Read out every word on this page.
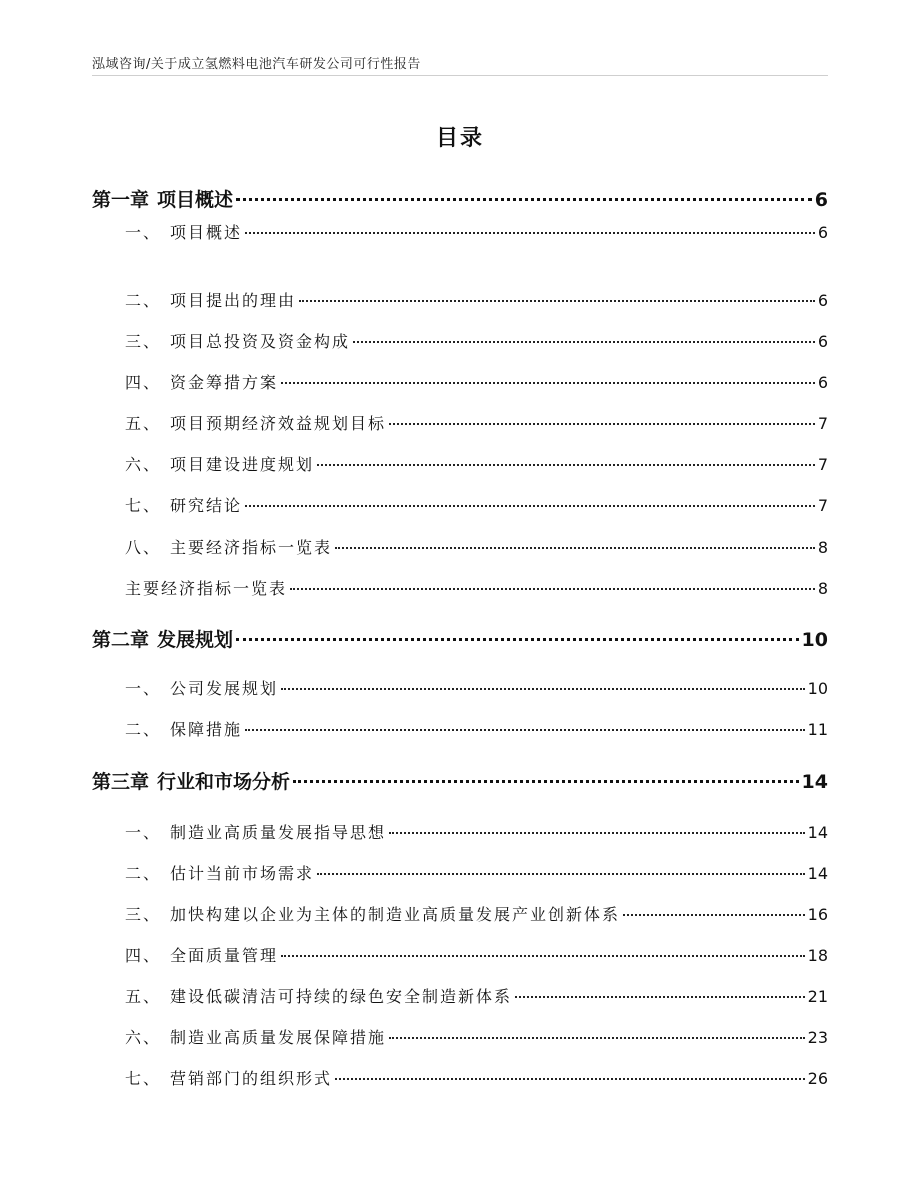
泓域咨询/关于成立氢燃料电池汽车研发公司可行性报告
目录
第一章 项目概述	6
一、 项目概述	6
二、 项目提出的理由	6
三、 项目总投资及资金构成	6
四、 资金筹措方案	6
五、 项目预期经济效益规划目标	7
六、 项目建设进度规划	7
七、 研究结论	7
八、 主要经济指标一览表	8
主要经济指标一览表	8
第二章 发展规划	10
一、 公司发展规划	10
二、 保障措施	11
第三章 行业和市场分析	14
一、 制造业高质量发展指导思想	14
二、 估计当前市场需求	14
三、 加快构建以企业为主体的制造业高质量发展产业创新体系	16
四、 全面质量管理	18
五、 建设低碳清洁可持续的绿色安全制造新体系	21
六、 制造业高质量发展保障措施	23
七、 营销部门的组织形式	26
